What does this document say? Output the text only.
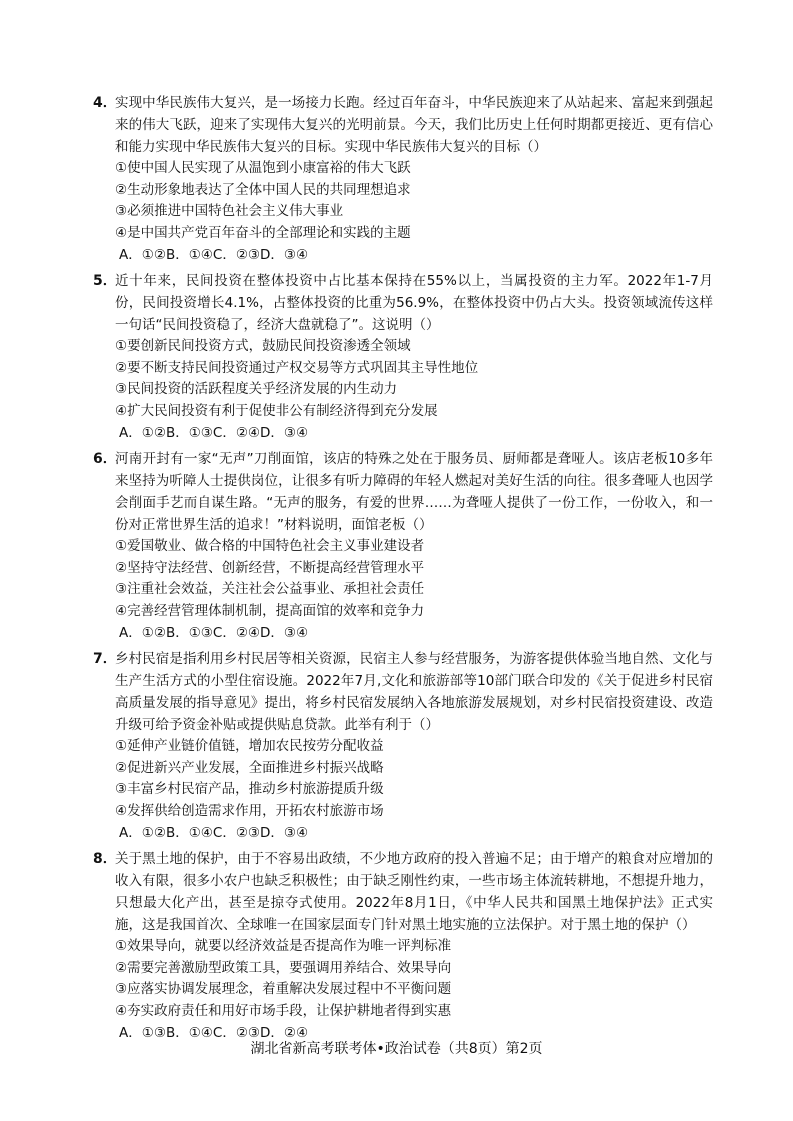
4．
实现中华民族伟大复兴，是一场接力长跑。经过百年奋斗，中华民族迎来了从站起来、富起来到强起来的伟大飞跃，迎来了实现伟大复兴的光明前景。今天，我们比历史上任何时期都更接近、更有信心和能力实现中华民族伟大复兴的目标。实现中华民族伟大复兴的目标（）
①使中国人民实现了从温饱到小康富裕的伟大飞跃
②生动形象地表达了全体中国人民的共同理想追求
③必须推进中国特色社会主义伟大事业
④是中国共产党百年奋斗的全部理论和实践的主题
A．①②B．①④C．②③D．③④
5．
近十年来，民间投资在整体投资中占比基本保持在55%以上，当属投资的主力军。2022年1-7月份，民间投资增长4.1%，占整体投资的比重为56.9%，在整体投资中仍占大头。投资领域流传这样一句话“民间投资稳了，经济大盘就稳了”。这说明（）
①要创新民间投资方式，鼓励民间投资渗透全领域
②要不断支持民间投资通过产权交易等方式巩固其主导性地位
③民间投资的活跃程度关乎经济发展的内生动力
④扩大民间投资有利于促使非公有制经济得到充分发展
A．①②B．①③C．②④D．③④
6．
河南开封有一家“无声”刀削面馆，该店的特殊之处在于服务员、厨师都是聋哑人。该店老板10多年来坚持为听障人士提供岗位，让很多有听力障碍的年轻人燃起对美好生活的向往。很多聋哑人也因学会削面手艺而自谋生路。“无声的服务，有爱的世界……为聋哑人提供了一份工作，一份收入，和一份对正常世界生活的追求！”材料说明，面馆老板（）
①爱国敬业、做合格的中国特色社会主义事业建设者
②坚持守法经营、创新经营，不断提高经营管理水平
③注重社会效益，关注社会公益事业、承担社会责任
④完善经营管理体制机制，提高面馆的效率和竞争力
A．①②B．①③C．②④D．③④
7．
乡村民宿是指利用乡村民居等相关资源，民宿主人参与经营服务，为游客提供体验当地自然、文化与生产生活方式的小型住宿设施。2022年7月,文化和旅游部等10部门联合印发的《关于促进乡村民宿高质量发展的指导意见》提出，将乡村民宿发展纳入各地旅游发展规划，对乡村民宿投资建设、改造升级可给予资金补贴或提供贴息贷款。此举有利于（）
①延伸产业链价值链，增加农民按劳分配收益
②促进新兴产业发展，全面推进乡村振兴战略
③丰富乡村民宿产品，推动乡村旅游提质升级
④发挥供给创造需求作用，开拓农村旅游市场
A．①②B．①④C．②③D．③④
8．
关于黑土地的保护，由于不容易出政绩，不少地方政府的投入普遍不足；由于增产的粮食对应增加的收入有限，很多小农户也缺乏积极性；由于缺乏刚性约束，一些市场主体流转耕地，不想提升地力，只想最大化产出，甚至是掠夺式使用。2022年8月1日，《中华人民共和国黑土地保护法》正式实施，这是我国首次、全球唯一在国家层面专门针对黑土地实施的立法保护。对于黑土地的保护（）
①效果导向，就要以经济效益是否提高作为唯一评判标准
②需要完善激励型政策工具，要强调用养结合、效果导向
③应落实协调发展理念，着重解决发展过程中不平衡问题
④夯实政府责任和用好市场手段，让保护耕地者得到实惠
A．①③B．①④C．②③D．②④
湖北省新高考联考体•政治试卷（共8页）第2页
